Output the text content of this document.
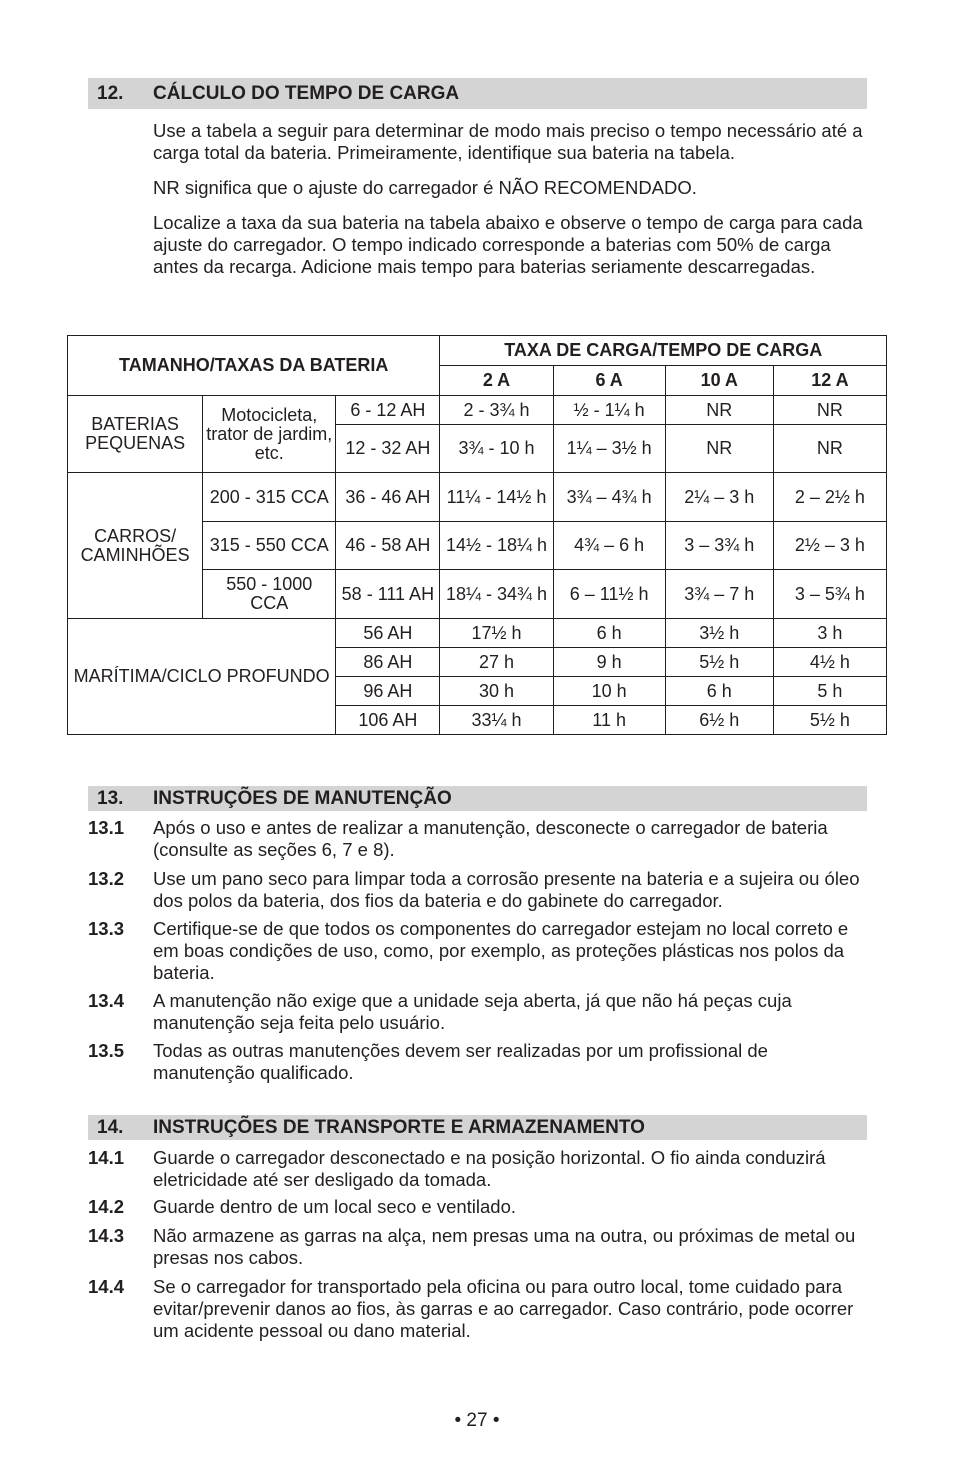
12. CÁLCULO DO TEMPO DE CARGA

Use a tabela a seguir para determinar de modo mais preciso o tempo necessário até a carga total da bateria. Primeiramente, identifique sua bateria na tabela.

NR significa que o ajuste do carregador é NÃO RECOMENDADO.

Localize a taxa da sua bateria na tabela abaixo e observe o tempo de carga para cada ajuste do carregador. O tempo indicado corresponde a baterias com 50% de carga antes da recarga. Adicione mais tempo para baterias seriamente descarregadas.

TAMANHO/TAXAS DA BATERIA			TAXA DE CARGA/TEMPO DE CARGA			
			2 A	6 A	10 A	12 A
BATERIAS PEQUENAS	Motocicleta, trator de jardim, etc.	6 - 12 AH	2 - 3¾ h	½ - 1¼ h	NR	NR
		12 - 32 AH	3¾ - 10 h	1¼ – 3½ h	NR	NR
CARROS/ CAMINHÕES	200 - 315 CCA	36 - 46 AH	11¼ - 14½ h	3¾ – 4¾ h	2¼ – 3 h	2 – 2½ h
	315 - 550 CCA	46 - 58 AH	14½ - 18¼ h	4¾ – 6 h	3 – 3¾ h	2½ – 3 h
	550 - 1000 CCA	58 - 111 AH	18¼ - 34¾ h	6 – 11½ h	3¾ – 7 h	3 – 5¾ h
MARÍTIMA/CICLO PROFUNDO		56 AH	17½ h	6 h	3½ h	3 h
		86 AH	27 h	9 h	5½ h	4½ h
		96 AH	30 h	10 h	6 h	5 h
		106 AH	33¼ h	11 h	6½ h	5½ h
13. INSTRUÇÕES DE MANUTENÇÃO
13.1 Após o uso e antes de realizar a manutenção, desconecte o carregador de bateria (consulte as seções 6, 7 e 8).
13.2 Use um pano seco para limpar toda a corrosão presente na bateria e a sujeira ou óleo dos polos da bateria, dos fios da bateria e do gabinete do carregador.
13.3 Certifique-se de que todos os componentes do carregador estejam no local correto e em boas condições de uso, como, por exemplo, as proteções plásticas nos polos da bateria.
13.4 A manutenção não exige que a unidade seja aberta, já que não há peças cuja manutenção seja feita pelo usuário.
13.5 Todas as outras manutenções devem ser realizadas por um profissional de manutenção qualificado.
14. INSTRUÇÕES DE TRANSPORTE E ARMAZENAMENTO
14.1 Guarde o carregador desconectado e na posição horizontal. O fio ainda conduzirá eletricidade até ser desligado da tomada.
14.2 Guarde dentro de um local seco e ventilado.
14.3 Não armazene as garras na alça, nem presas uma na outra, ou próximas de metal ou presas nos cabos.
14.4 Se o carregador for transportado pela oficina ou para outro local, tome cuidado para evitar/prevenir danos ao fios, às garras e ao carregador. Caso contrário, pode ocorrer um acidente pessoal ou dano material.
• 27 •
